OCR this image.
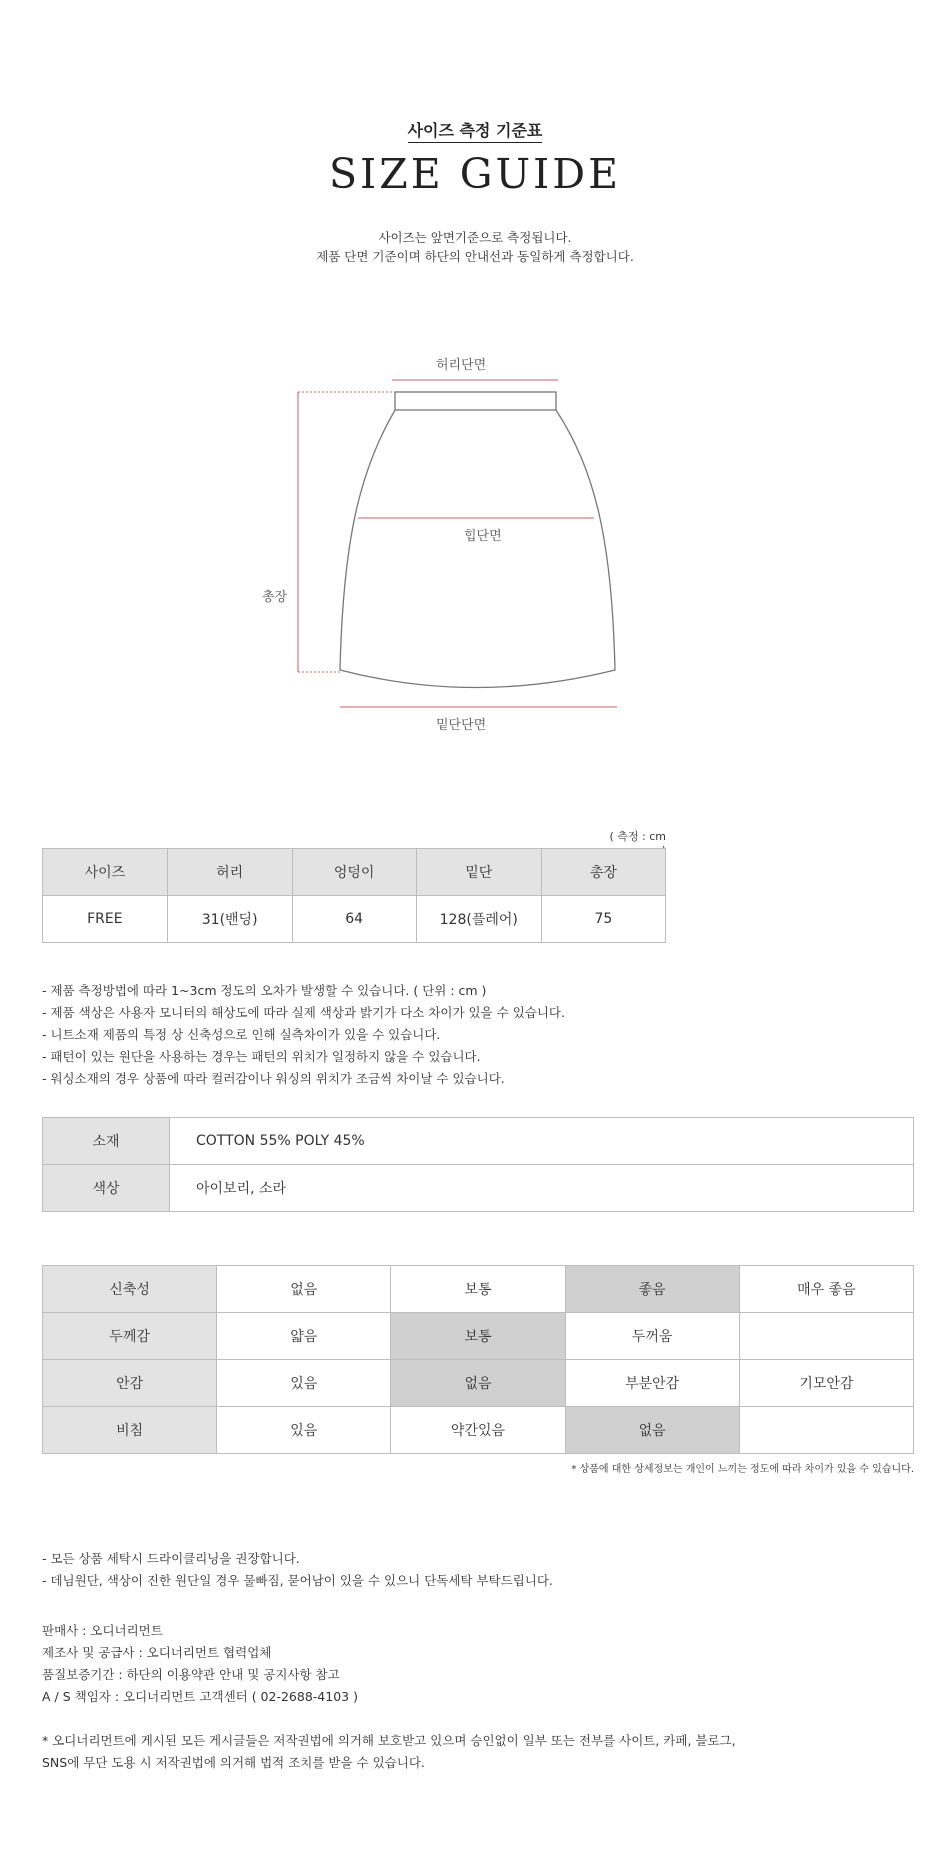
사이즈 측정 기준표
SIZE GUIDE
사이즈는 앞면기준으로 측정됩니다.
제품 단면 기준이며 하단의 안내선과 동일하게 측정합니다.
허리단면
힙단면
총장
밑단단면
( 측정 : cm
사이즈	허리	엉덩이	밑단	총장
FREE	31(밴딩)	64	128(플레어)	75
- 제품 측정방법에 따라 1~3cm 정도의 오차가 발생할 수 있습니다. ( 단위 : cm )
- 제품 색상은 사용자 모니터의 해상도에 따라 실제 색상과 밝기가 다소 차이가 있을 수 있습니다.
- 니트소재 제품의 특정 상 신축성으로 인해 실측차이가 있을 수 있습니다.
- 패턴이 있는 원단을 사용하는 경우는 패턴의 위치가 일정하지 않을 수 있습니다.
- 워싱소재의 경우 상품에 따라 컬러감이나 워싱의 위치가 조금씩 차이날 수 있습니다.
소재	COTTON 55% POLY 45%
색상	아이보리, 소라
신축성	없음	보통	좋음	매우 좋음
두께감	얇음	보통	두꺼움	
안감	있음	없음	부분안감	기모안감
비침	있음	약간있음	없음	
* 상품에 대한 상세정보는 개인이 느끼는 정도에 따라 차이가 있을 수 있습니다.
- 모든 상품 세탁시 드라이클리닝을 권장합니다.
- 데님원단, 색상이 진한 원단일 경우 물빠짐, 묻어남이 있을 수 있으니 단독세탁 부탁드립니다.
판매사 : 오디너리먼트
제조사 및 공급사 : 오디너리먼트 협력업체
품질보증기간 : 하단의 이용약관 안내 및 공지사항 참고
A / S 책임자 : 오디너리먼트 고객센터 ( 02-2688-4103 )
* 오디너리먼트에 게시된 모든 게시글들은 저작권법에 의거해 보호받고 있으며 승인없이 일부 또는 전부를 사이트, 카페, 블로그,
SNS에 무단 도용 시 저작권법에 의거해 법적 조치를 받을 수 있습니다.
